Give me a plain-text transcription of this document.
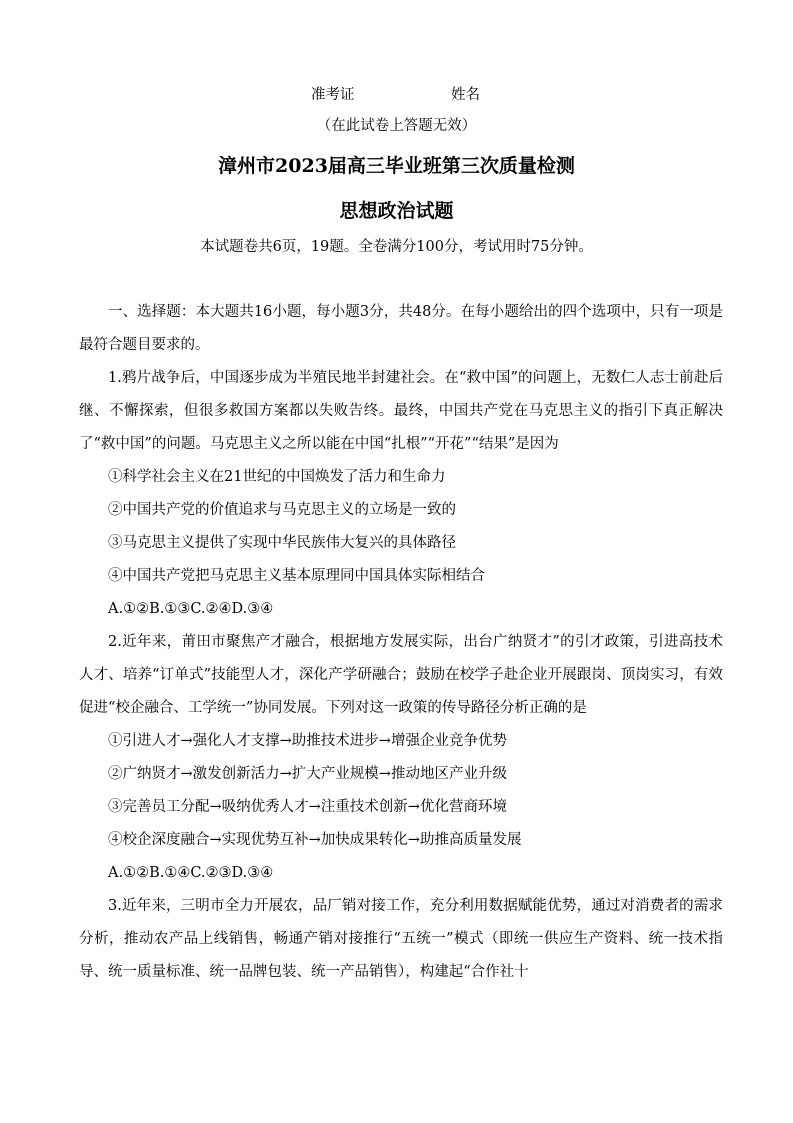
准考证	姓名
（在此试卷上答题无效）
漳州市2023届高三毕业班第三次质量检测
思想政治试题
本试题卷共6页，19题。全卷满分100分，考试用时75分钟。

一、选择题：本大题共16小题，每小题3分，共48分。在每小题给出的四个选项中，只有一项是最符合题目要求的。

1.鸦片战争后，中国逐步成为半殖民地半封建社会。在“救中国”的问题上，无数仁人志士前赴后继、不懈探索，但很多救国方案都以失败告终。最终，中国共产党在马克思主义的指引下真正解决了“救中国”的问题。马克思主义之所以能在中国“扎根”“开花”“结果”是因为

①科学社会主义在21世纪的中国焕发了活力和生命力

②中国共产党的价值追求与马克思主义的立场是一致的

③马克思主义提供了实现中华民族伟大复兴的具体路径

④中国共产党把马克思主义基本原理同中国具体实际相结合

A.①②B.①③C.②④D.③④

2.近年来，莆田市聚焦产才融合，根据地方发展实际，出台广纳贤才”的引才政策，引进高技术人才、培养“订单式”技能型人才，深化产学研融合；鼓励在校学子赴企业开展跟岗、顶岗实习，有效促进“校企融合、工学统一”协同发展。下列对这一政策的传导路径分析正确的是

①引进人才→强化人才支撑→助推技术进步→增强企业竞争优势

②广纳贤才→激发创新活力→扩大产业规模→推动地区产业升级

③完善员工分配→吸纳优秀人才→注重技术创新→优化营商环境

④校企深度融合→实现优势互补→加快成果转化→助推高质量发展

A.①②B.①④C.②③D.③④

3.近年来，三明市全力开展农，品厂销对接工作，充分利用数据赋能优势，通过对消费者的需求分析，推动农产品上线销售，畅通产销对接推行“五统一”模式（即统一供应生产资料、统一技术指导、统一质量标准、统一品牌包装、统一产品销售），构建起“合作社十
